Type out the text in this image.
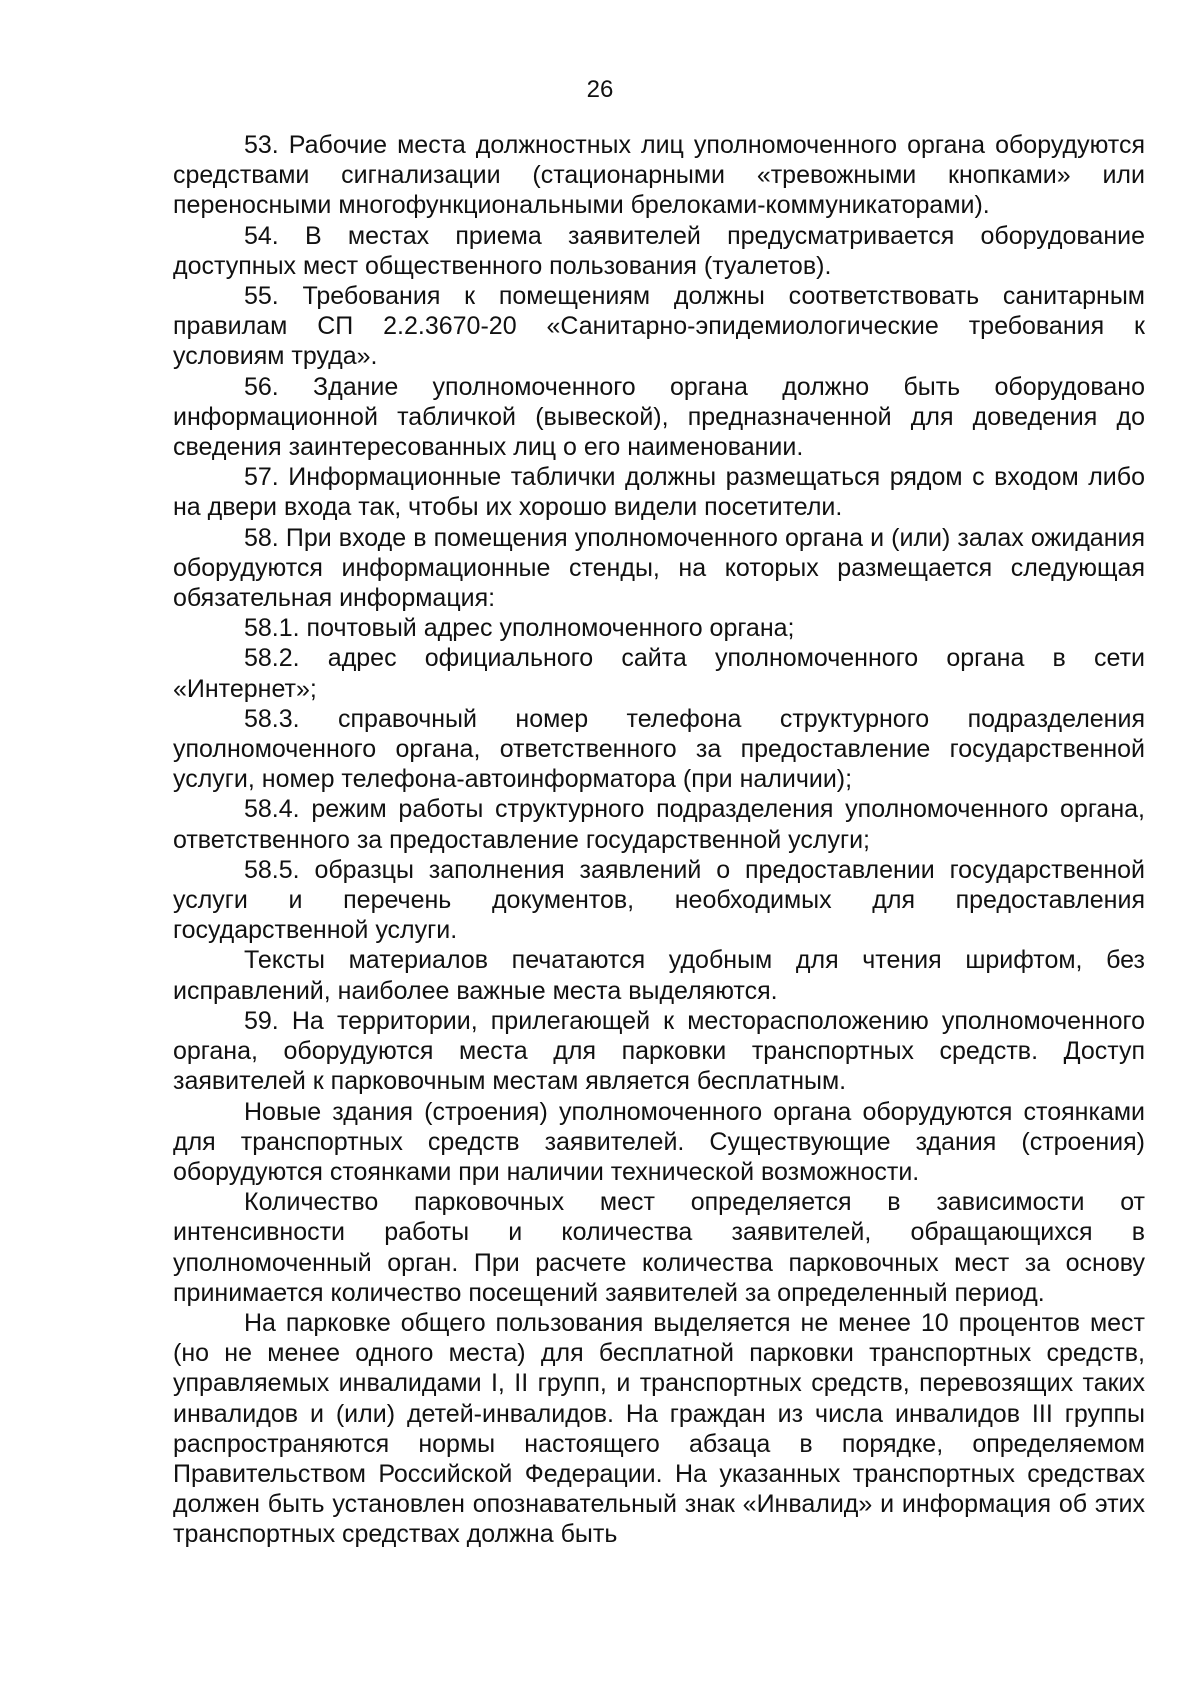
26

53. Рабочие места должностных лиц уполномоченного органа оборудуются средствами сигнализации (стационарными «тревожными кнопками» или переносными многофункциональными брелоками-коммуникаторами).

54. В местах приема заявителей предусматривается оборудование доступных мест общественного пользования (туалетов).

55. Требования к помещениям должны соответствовать санитарным правилам СП 2.2.3670-20 «Санитарно-эпидемиологические требования к условиям труда».

56. Здание уполномоченного органа должно быть оборудовано информационной табличкой (вывеской), предназначенной для доведения до сведения заинтересованных лиц о его наименовании.

57. Информационные таблички должны размещаться рядом с входом либо на двери входа так, чтобы их хорошо видели посетители.

58. При входе в помещения уполномоченного органа и (или) залах ожидания оборудуются информационные стенды, на которых размещается следующая обязательная информация:

58.1. почтовый адрес уполномоченного органа;

58.2. адрес официального сайта уполномоченного органа в сети «Интернет»;

58.3. справочный номер телефона структурного подразделения уполномоченного органа, ответственного за предоставление государственной услуги, номер телефона-автоинформатора (при наличии);

58.4. режим работы структурного подразделения уполномоченного органа, ответственного за предоставление государственной услуги;

58.5. образцы заполнения заявлений о предоставлении государственной услуги и перечень документов, необходимых для предоставления государственной услуги.

Тексты материалов печатаются удобным для чтения шрифтом, без исправлений, наиболее важные места выделяются.

59. На территории, прилегающей к месторасположению уполномоченного органа, оборудуются места для парковки транспортных средств. Доступ заявителей к парковочным местам является бесплатным.

Новые здания (строения) уполномоченного органа оборудуются стоянками для транспортных средств заявителей. Существующие здания (строения) оборудуются стоянками при наличии технической возможности.

Количество парковочных мест определяется в зависимости от интенсивности работы и количества заявителей, обращающихся в уполномоченный орган. При расчете количества парковочных мест за основу принимается количество посещений заявителей за определенный период.

На парковке общего пользования выделяется не менее 10 процентов мест (но не менее одного места) для бесплатной парковки транспортных средств, управляемых инвалидами I, II групп, и транспортных средств, перевозящих таких инвалидов и (или) детей-инвалидов. На граждан из числа инвалидов III группы распространяются нормы настоящего абзаца в порядке, определяемом Правительством Российской Федерации. На указанных транспортных средствах должен быть установлен опознавательный знак «Инвалид» и информация об этих транспортных средствах должна быть
